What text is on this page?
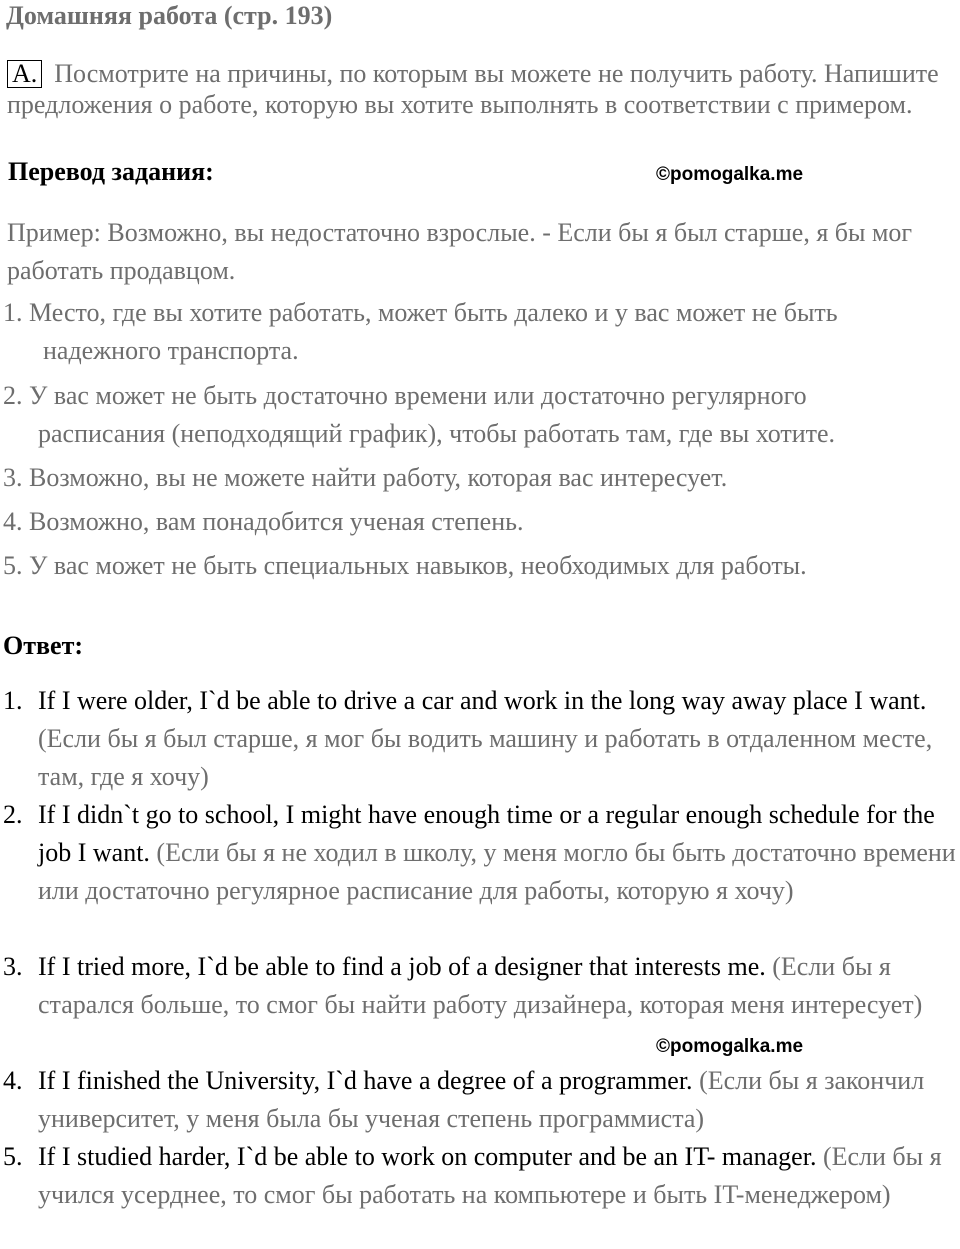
Домашняя работа (стр. 193)
A. Посмотрите на причины, по которым вы можете не получить работу. Напишите предложения о работе, которую вы хотите выполнять в соответствии с примером.
Перевод задания:	©pomogalka.me
Пример: Возможно, вы недостаточно взрослые. - Если бы я был старше, я бы мог работать продавцом.
1. Место, где вы хотите работать, может быть далеко и у вас может не быть
надежного транспорта.
2. У вас может не быть достаточно времени или достаточно регулярного
расписания (неподходящий график), чтобы работать там, где вы хотите.
3. Возможно, вы не можете найти работу, которая вас интересует.
4. Возможно, вам понадобится ученая степень.
5. У вас может не быть специальных навыков, необходимых для работы.
Ответ:
1. If I were older, I`d be able to drive a car and work in the long way away place I want. (Если бы я был старше, я мог бы водить машину и работать в отдаленном месте, там, где я хочу)
2. If I didn`t go to school, I might have enough time or a regular enough schedule for the job I want. (Если бы я не ходил в школу, у меня могло бы быть достаточно времени или достаточно регулярное расписание для работы, которую я хочу)
3. If I tried more, I`d be able to find a job of a designer that interests me. (Если бы я старался больше, то смог бы найти работу дизайнера, которая меня интересует)
©pomogalka.me
4. If I finished the University, I`d have a degree of a programmer. (Если бы я закончил университет, у меня была бы ученая степень программиста)
5. If I studied harder, I`d be able to work on computer and be an IT- manager. (Если бы я учился усерднее, то смог бы работать на компьютере и быть IT-менеджером)
